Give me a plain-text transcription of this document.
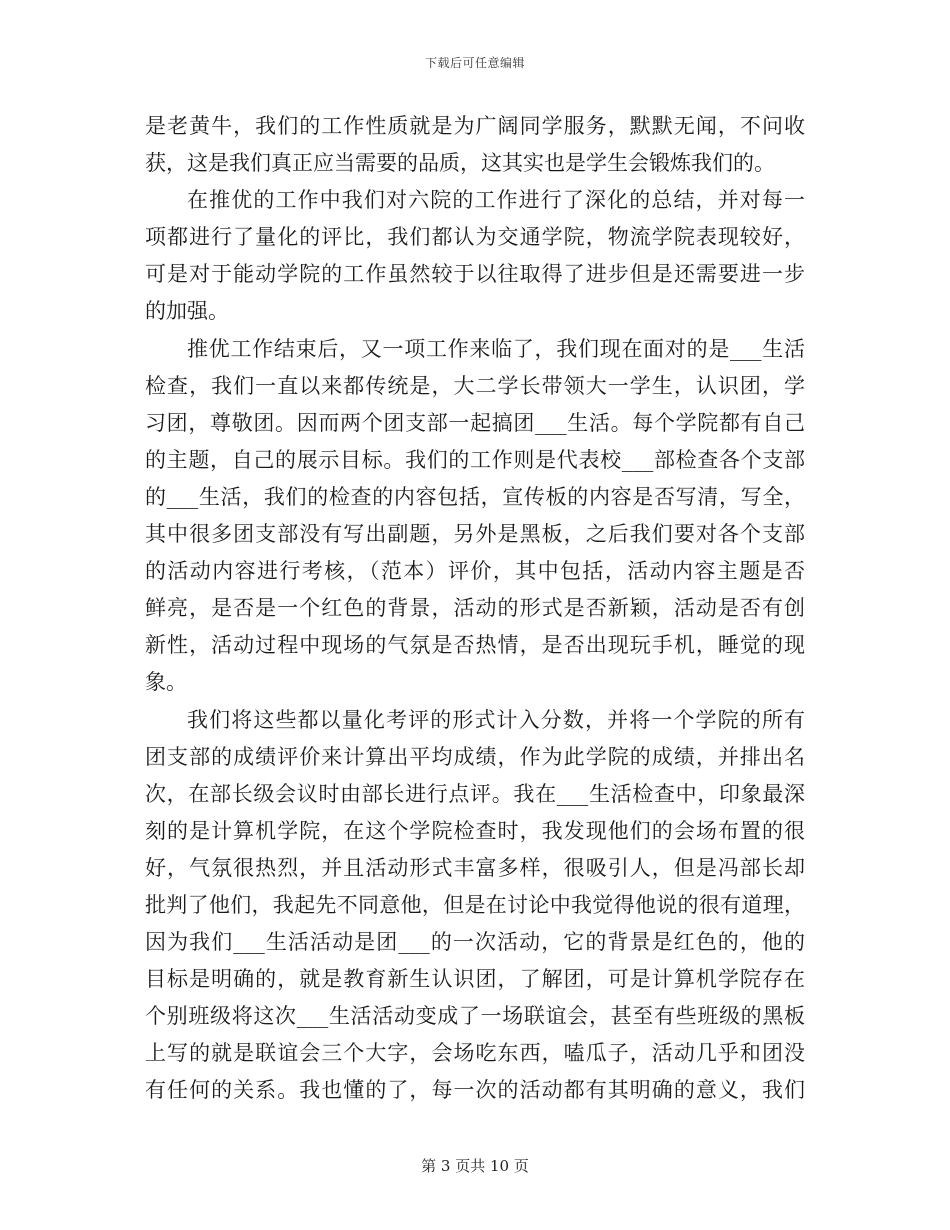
下载后可任意编辑
是老黄牛，我们的工作性质就是为广阔同学服务，默默无闻，不问收
获，这是我们真正应当需要的品质，这其实也是学生会锻炼我们的。
在推优的工作中我们对六院的工作进行了深化的总结，并对每一
项都进行了量化的评比，我们都认为交通学院，物流学院表现较好，
可是对于能动学院的工作虽然较于以往取得了进步但是还需要进一步
的加强。
推优工作结束后，又一项工作来临了，我们现在面对的是___生活
检查，我们一直以来都传统是，大二学长带领大一学生，认识团，学
习团，尊敬团。因而两个团支部一起搞团___生活。每个学院都有自己
的主题，自己的展示目标。我们的工作则是代表校___部检查各个支部
的___生活，我们的检查的内容包括，宣传板的内容是否写清，写全，
其中很多团支部没有写出副题，另外是黑板，之后我们要对各个支部
的活动内容进行考核，（范本）评价，其中包括，活动内容主题是否
鲜亮，是否是一个红色的背景，活动的形式是否新颖，活动是否有创
新性，活动过程中现场的气氛是否热情，是否出现玩手机，睡觉的现
象。
我们将这些都以量化考评的形式计入分数，并将一个学院的所有
团支部的成绩评价来计算出平均成绩，作为此学院的成绩，并排出名
次，在部长级会议时由部长进行点评。我在___生活检查中，印象最深
刻的是计算机学院，在这个学院检查时，我发现他们的会场布置的很
好，气氛很热烈，并且活动形式丰富多样，很吸引人，但是冯部长却
批判了他们，我起先不同意他，但是在讨论中我觉得他说的很有道理，
因为我们___生活活动是团___的一次活动，它的背景是红色的，他的
目标是明确的，就是教育新生认识团，了解团，可是计算机学院存在
个别班级将这次___生活活动变成了一场联谊会，甚至有些班级的黑板
上写的就是联谊会三个大字，会场吃东西，嗑瓜子，活动几乎和团没
有任何的关系。我也懂的了，每一次的活动都有其明确的意义，我们
第 3 页共 10 页
